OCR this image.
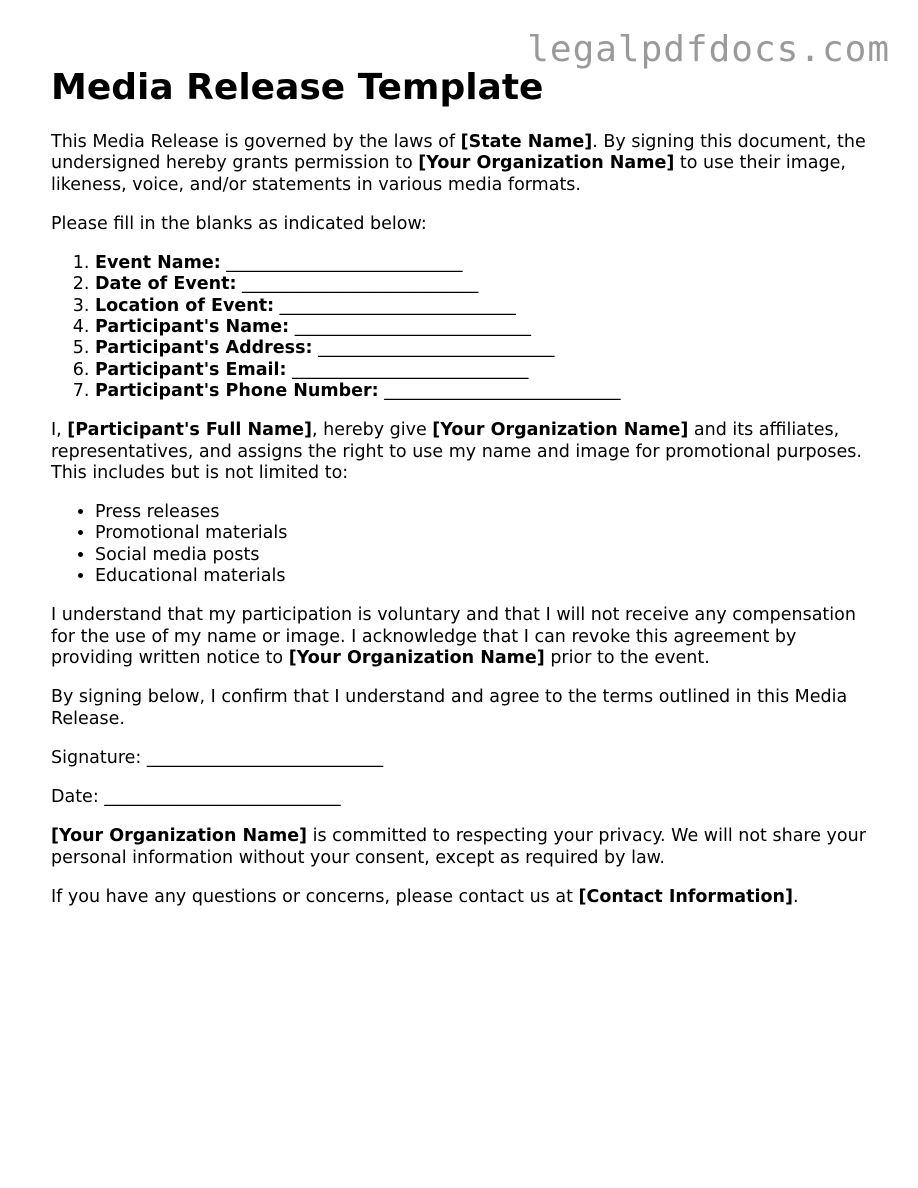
legalpdfdocs.com
Media Release Template

This Media Release is governed by the laws of [State Name]. By signing this document, the undersigned hereby grants permission to [Your Organization Name] to use their image, likeness, voice, and/or statements in various media formats.

Please fill in the blanks as indicated below:

1. Event Name: ___________________________
2. Date of Event: ___________________________
3. Location of Event: ___________________________
4. Participant's Name: ___________________________
5. Participant's Address: ___________________________
6. Participant's Email: ___________________________
7. Participant's Phone Number: ___________________________

I, [Participant's Full Name], hereby give [Your Organization Name] and its affiliates, representatives, and assigns the right to use my name and image for promotional purposes. This includes but is not limited to:

• Press releases
• Promotional materials
• Social media posts
• Educational materials

I understand that my participation is voluntary and that I will not receive any compensation for the use of my name or image. I acknowledge that I can revoke this agreement by providing written notice to [Your Organization Name] prior to the event.

By signing below, I confirm that I understand and agree to the terms outlined in this Media Release.

Signature: ___________________________

Date: ___________________________

[Your Organization Name] is committed to respecting your privacy. We will not share your personal information without your consent, except as required by law.

If you have any questions or concerns, please contact us at [Contact Information].
